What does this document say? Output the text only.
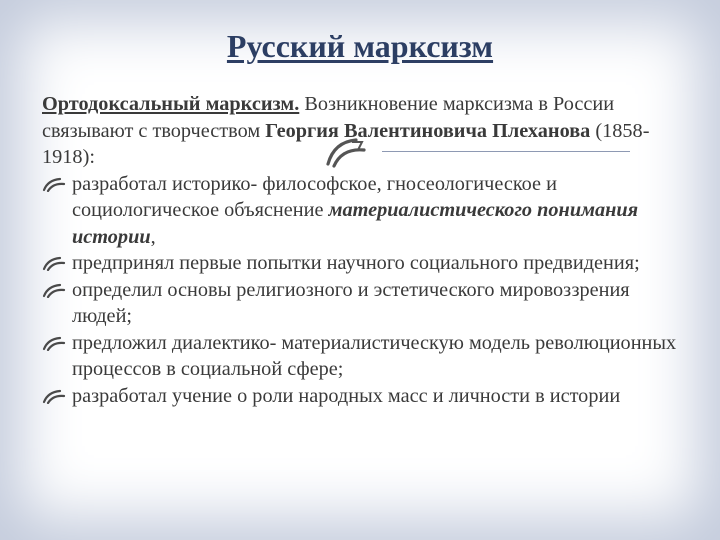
Русский марксизм

Ортодоксальный марксизм. Возникновение марксизма в России связывают с творчеством Георгия Валентиновича Плеханова (1858- 1918):

разработал историко- философское, гносеологическое и социологическое объяснение материалистического понимания истории,
предпринял первые попытки научного социального предвидения;
определил основы религиозного и эстетического мировоззрения людей;
предложил диалектико- материалистическую модель революционных процессов в социальной сфере;
разработал учение о роли народных масс и личности в истории
